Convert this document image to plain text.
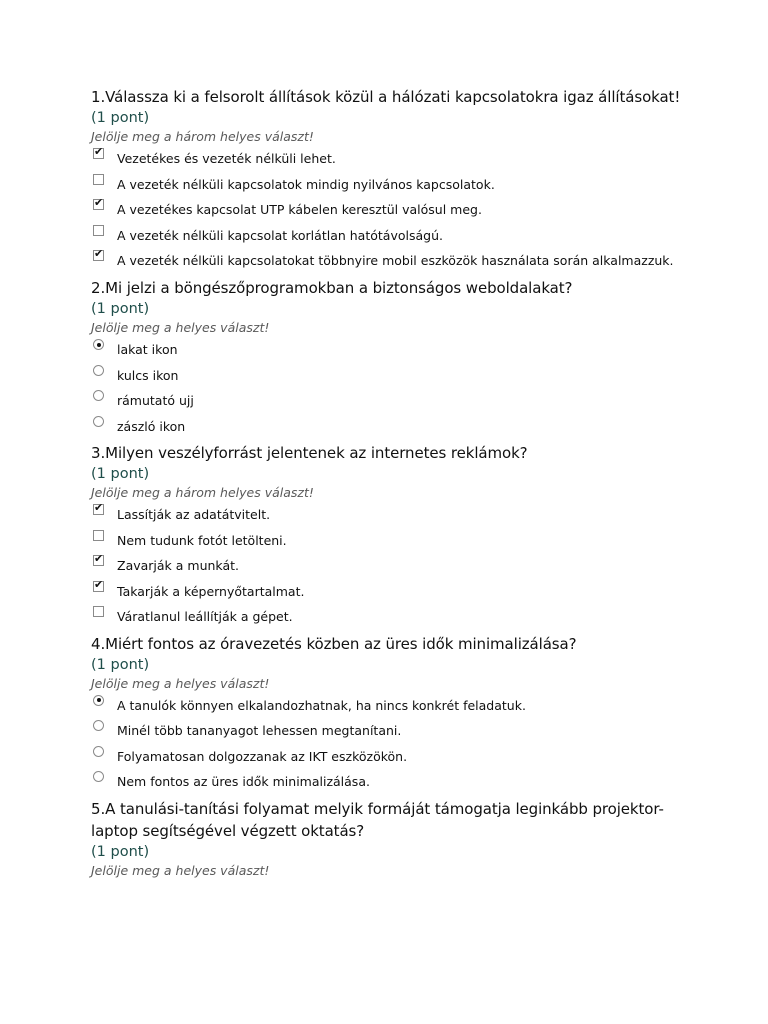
1.Válassza ki a felsorolt állítások közül a hálózati kapcsolatokra igaz állításokat!

(1 pont)

Jelölje meg a három helyes választ!

✔ Vezetékes és vezeték nélküli lehet.
A vezeték nélküli kapcsolatok mindig nyilvános kapcsolatok.
✔ A vezetékes kapcsolat UTP kábelen keresztül valósul meg.
A vezeték nélküli kapcsolat korlátlan hatótávolságú.
✔	A vezeték nélküli kapcsolatokat többnyire mobil eszközök használata során alkalmazzuk.

2.Mi jelzi a böngészőprogramokban a biztonságos weboldalakat?

(1 pont)

Jelölje meg a helyes választ!

lakat ikon
kulcs ikon
rámutató ujj
zászló ikon

3.Milyen veszélyforrást jelentenek az internetes reklámok?

(1 pont)

Jelölje meg a három helyes választ!

✔ Lassítják az adatátvitelt.
Nem tudunk fotót letölteni.
✔ Zavarják a munkát.
✔ Takarják a képernyőtartalmat.
Váratlanul leállítják a gépet.

4.Miért fontos az óravezetés közben az üres idők minimalizálása?

(1 pont)

Jelölje meg a helyes választ!

A tanulók könnyen elkalandozhatnak, ha nincs konkrét feladatuk.
Minél több tananyagot lehessen megtanítani.
Folyamatosan dolgozzanak az IKT eszközökön.
Nem fontos az üres idők minimalizálása.

5.A tanulási-tanítási folyamat melyik formáját támogatja leginkább projektor-laptop segítségével végzett oktatás?

(1 pont)

Jelölje meg a helyes választ!
